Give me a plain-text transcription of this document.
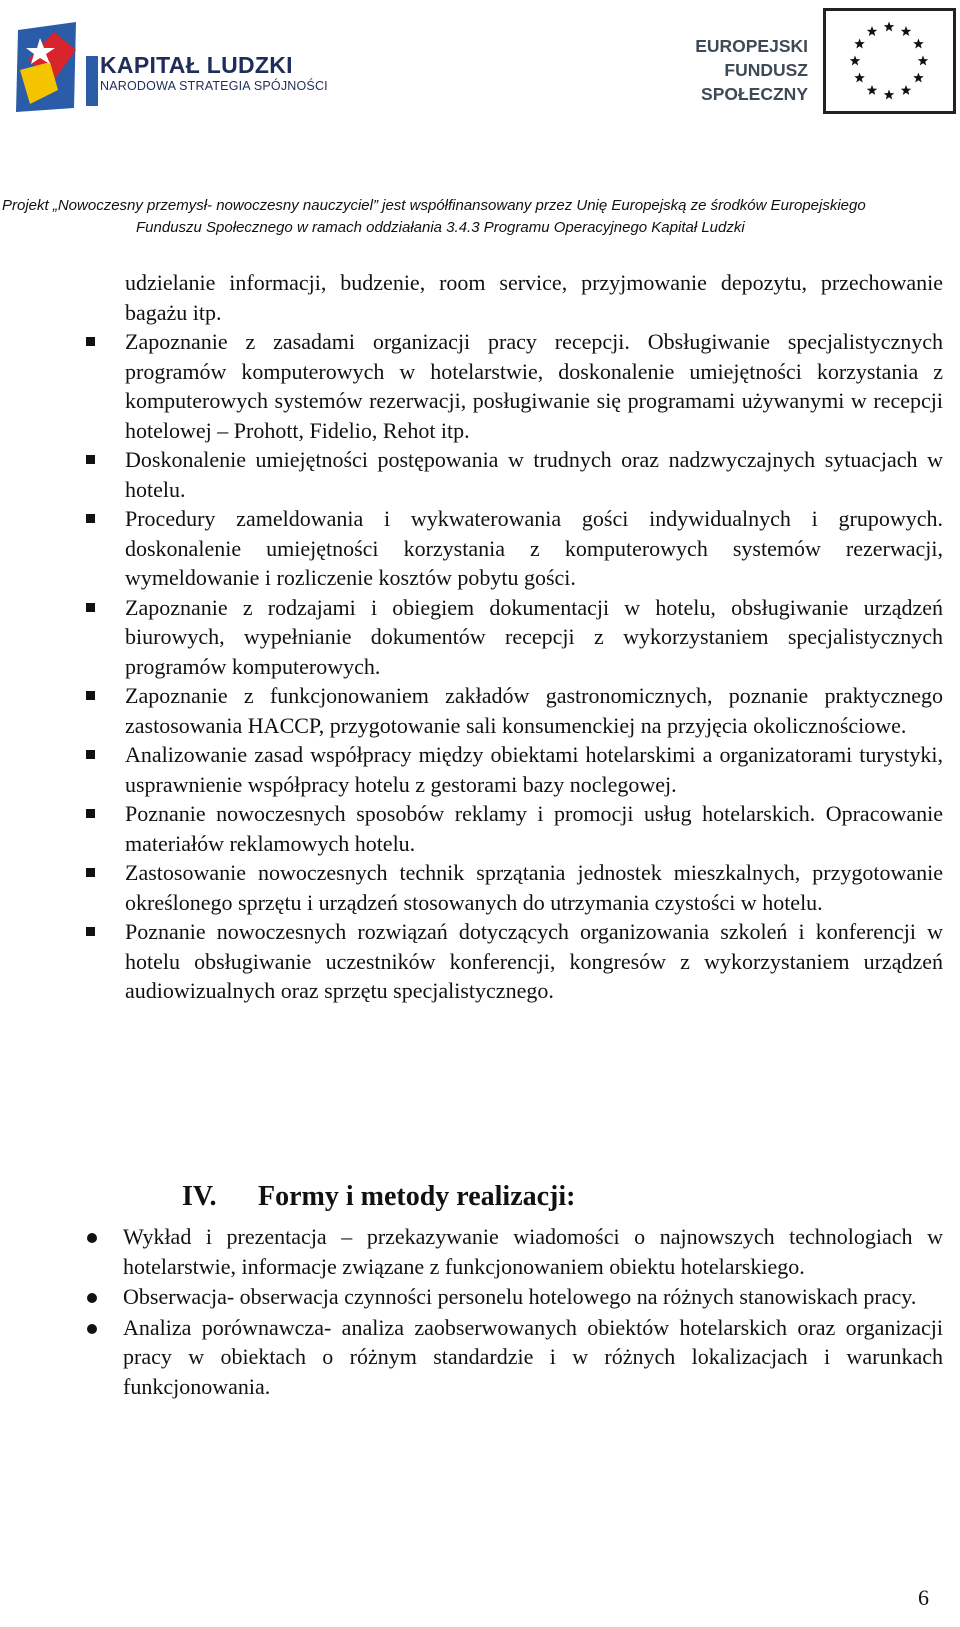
KAPITAŁ LUDZKI
NARODOWA STRATEGIA SPÓJNOŚCI
EUROPEJSKI
FUNDUSZ SPOŁECZNY
Projekt „Nowoczesny przemysł- nowoczesny nauczyciel” jest współfinansowany przez Unię Europejską ze środków Europejskiego
Funduszu Społecznego w ramach oddziałania 3.4.3 Programu Operacyjnego Kapitał Ludzki

udzielanie informacji, budzenie, room service, przyjmowanie depozytu, przechowanie bagażu itp.

Zapoznanie z zasadami organizacji pracy recepcji. Obsługiwanie specjalistycznych programów komputerowych w hotelarstwie, doskonalenie umiejętności korzystania z komputerowych systemów rezerwacji, posługiwanie się programami używanymi w recepcji hotelowej – Prohott, Fidelio, Rehot itp.

Doskonalenie umiejętności postępowania w trudnych oraz nadzwyczajnych sytuacjach w hotelu.

Procedury zameldowania i wykwaterowania gości indywidualnych i grupowych. doskonalenie umiejętności korzystania z komputerowych systemów rezerwacji, wymeldowanie i rozliczenie kosztów pobytu gości.

Zapoznanie z rodzajami i obiegiem dokumentacji w hotelu, obsługiwanie urządzeń biurowych, wypełnianie dokumentów recepcji z wykorzystaniem specjalistycznych programów komputerowych.

Zapoznanie z funkcjonowaniem zakładów gastronomicznych, poznanie praktycznego zastosowania HACCP, przygotowanie sali konsumenckiej na przyjęcia okolicznościowe.

Analizowanie zasad współpracy między obiektami hotelarskimi a organizatorami turystyki, usprawnienie współpracy hotelu z gestorami bazy noclegowej.

Poznanie nowoczesnych sposobów reklamy i promocji usług hotelarskich. Opracowanie materiałów reklamowych hotelu.

Zastosowanie nowoczesnych technik sprzątania jednostek mieszkalnych, przygotowanie określonego sprzętu i urządzeń stosowanych do utrzymania czystości w hotelu.

Poznanie nowoczesnych rozwiązań dotyczących organizowania szkoleń i konferencji w hotelu obsługiwanie uczestników konferencji, kongresów z wykorzystaniem urządzeń audiowizualnych oraz sprzętu specjalistycznego.

IV. Formy i metody realizacji:

Wykład i prezentacja – przekazywanie wiadomości o najnowszych technologiach w hotelarstwie, informacje związane z funkcjonowaniem obiektu hotelarskiego.

Obserwacja- obserwacja czynności personelu hotelowego na różnych stanowiskach pracy.

Analiza porównawcza- analiza zaobserwowanych obiektów hotelarskich oraz organizacji pracy w obiektach o różnym standardzie i w różnych lokalizacjach i warunkach funkcjonowania.

6
